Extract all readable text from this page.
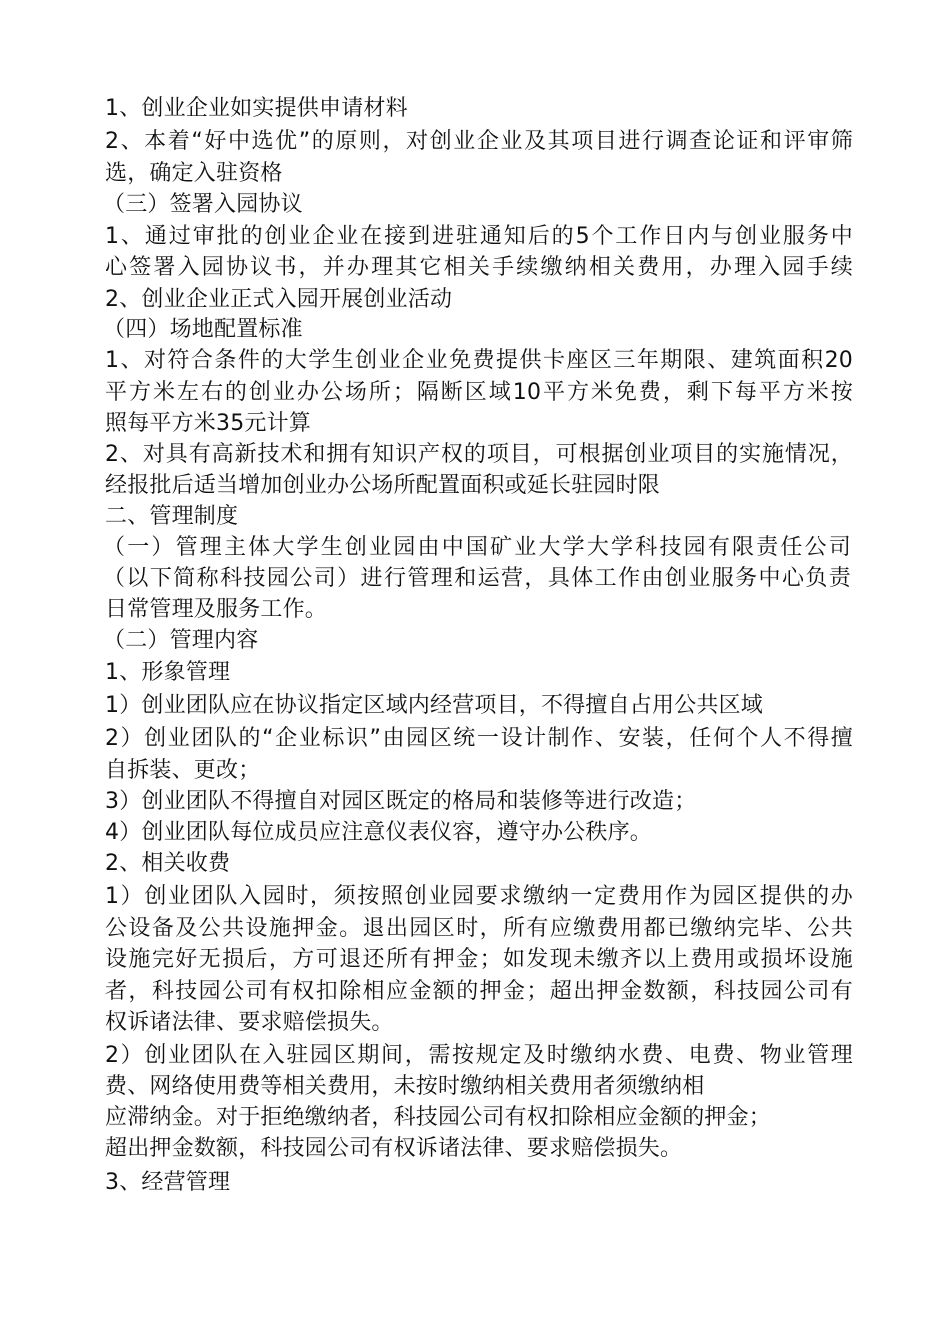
1、创业企业如实提供申请材料
2、本着“好中选优”的原则，对创业企业及其项目进行调查论证和评审筛
选，确定入驻资格
（三）签署入园协议
1、通过审批的创业企业在接到进驻通知后的5个工作日内与创业服务中
心签署入园协议书，并办理其它相关手续缴纳相关费用，办理入园手续
2、创业企业正式入园开展创业活动
（四）场地配置标准
1、对符合条件的大学生创业企业免费提供卡座区三年期限、建筑面积20
平方米左右的创业办公场所；隔断区域10平方米免费，剩下每平方米按
照每平方米35元计算
2、对具有高新技术和拥有知识产权的项目，可根据创业项目的实施情况，
经报批后适当增加创业办公场所配置面积或延长驻园时限
二、管理制度
（一）管理主体大学生创业园由中国矿业大学大学科技园有限责任公司
（以下简称科技园公司）进行管理和运营，具体工作由创业服务中心负责
日常管理及服务工作。
（二）管理内容
1、形象管理
1）创业团队应在协议指定区域内经营项目，不得擅自占用公共区域
2）创业团队的“企业标识”由园区统一设计制作、安装，任何个人不得擅
自拆装、更改；
3）创业团队不得擅自对园区既定的格局和装修等进行改造；
4）创业团队每位成员应注意仪表仪容，遵守办公秩序。
2、相关收费
1）创业团队入园时，须按照创业园要求缴纳一定费用作为园区提供的办
公设备及公共设施押金。退出园区时，所有应缴费用都已缴纳完毕、公共
设施完好无损后，方可退还所有押金；如发现未缴齐以上费用或损坏设施
者，科技园公司有权扣除相应金额的押金；超出押金数额，科技园公司有
权诉诸法律、要求赔偿损失。
2）创业团队在入驻园区期间，需按规定及时缴纳水费、电费、物业管理
费、网络使用费等相关费用，未按时缴纳相关费用者须缴纳相
应滞纳金。对于拒绝缴纳者，科技园公司有权扣除相应金额的押金；
超出押金数额，科技园公司有权诉诸法律、要求赔偿损失。
3、经营管理
